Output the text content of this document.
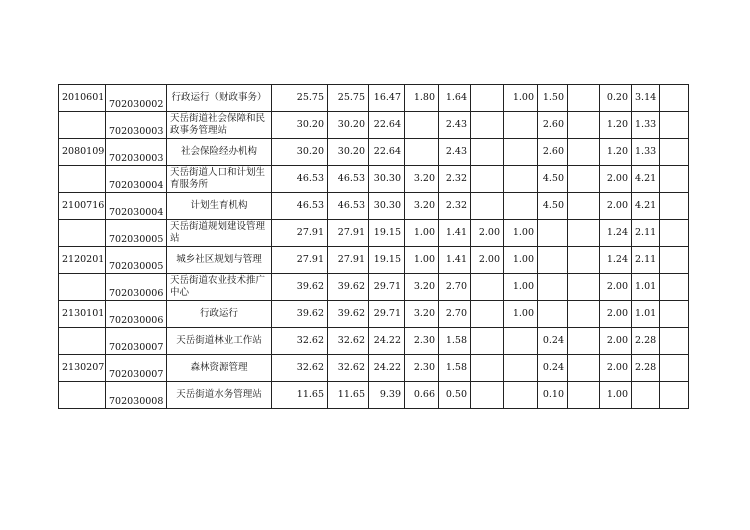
2010601	702030002	行政运行（财政事务）	25.75	25.75	16.47	1.80	1.64		1.00	1.50		0.20	3.14	
	702030003	天岳街道社会保障和民政事务管理站	30.20	30.20	22.64		2.43			2.60		1.20	1.33	
2080109	702030003	社会保险经办机构	30.20	30.20	22.64		2.43			2.60		1.20	1.33	
	702030004	天岳街道人口和计划生育服务所	46.53	46.53	30.30	3.20	2.32			4.50		2.00	4.21	
2100716	702030004	计划生育机构	46.53	46.53	30.30	3.20	2.32			4.50		2.00	4.21	
	702030005	天岳街道规划建设管理站	27.91	27.91	19.15	1.00	1.41	2.00	1.00			1.24	2.11	
2120201	702030005	城乡社区规划与管理	27.91	27.91	19.15	1.00	1.41	2.00	1.00			1.24	2.11	
	702030006	天岳街道农业技术推广中心	39.62	39.62	29.71	3.20	2.70		1.00			2.00	1.01	
2130101	702030006	行政运行	39.62	39.62	29.71	3.20	2.70		1.00			2.00	1.01	
	702030007	天岳街道林业工作站	32.62	32.62	24.22	2.30	1.58			0.24		2.00	2.28	
2130207	702030007	森林资源管理	32.62	32.62	24.22	2.30	1.58			0.24		2.00	2.28	
	702030008	天岳街道水务管理站	11.65	11.65	9.39	0.66	0.50			0.10		1.00		
